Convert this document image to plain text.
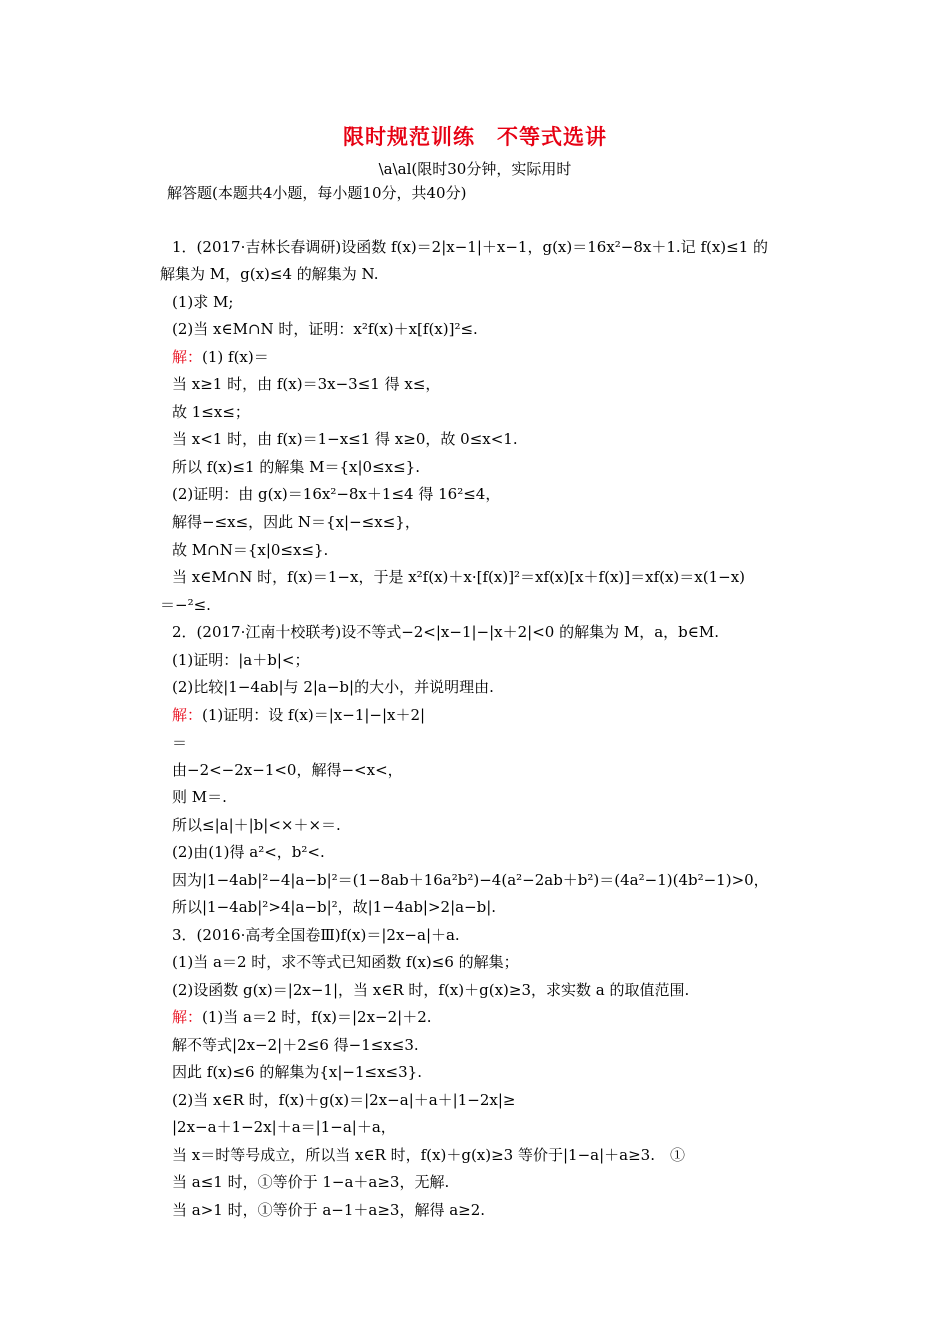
限时规范训练　不等式选讲
\a\al(限时30分钟，实际用时
解答题(本题共4小题，每小题10分，共40分)
1．(2017·吉林长春调研)设函数 f(x)＝2|x−1|＋x−1，g(x)＝16x²−8x＋1.记 f(x)≤1 的
解集为 M，g(x)≤4 的解集为 N.
(1)求 M;
(2)当 x∈M∩N 时，证明：x²f(x)＋x[f(x)]²≤.
解：(1) f(x)＝
当 x≥1 时，由 f(x)＝3x−3≤1 得 x≤，
故 1≤x≤；
当 x<1 时，由 f(x)＝1−x≤1 得 x≥0，故 0≤x<1.
所以 f(x)≤1 的解集 M＝{x|0≤x≤}.
(2)证明：由 g(x)＝16x²−8x＋1≤4 得 16²≤4，
解得−≤x≤，因此 N＝{x|−≤x≤}，
故 M∩N＝{x|0≤x≤}.
当 x∈M∩N 时，f(x)＝1−x，于是 x²f(x)＋x·[f(x)]²＝xf(x)[x＋f(x)]＝xf(x)＝x(1−x)
＝−²≤.
2．(2017·江南十校联考)设不等式−2<|x−1|−|x＋2|<0 的解集为 M，a，b∈M.
(1)证明：|a＋b|<；
(2)比较|1−4ab|与 2|a−b|的大小，并说明理由.
解：(1)证明：设 f(x)＝|x−1|−|x＋2|
＝
由−2<−2x−1<0，解得−<x<，
则 M＝.
所以≤|a|＋|b|<×＋×＝.
(2)由(1)得 a²<，b²<.
因为|1−4ab|²−4|a−b|²＝(1−8ab＋16a²b²)−4(a²−2ab＋b²)＝(4a²−1)(4b²−1)>0，
所以|1−4ab|²>4|a−b|²，故|1−4ab|>2|a−b|.
3．(2016·高考全国卷Ⅲ)f(x)＝|2x−a|＋a.
(1)当 a＝2 时，求不等式已知函数 f(x)≤6 的解集；
(2)设函数 g(x)＝|2x−1|，当 x∈R 时，f(x)＋g(x)≥3，求实数 a 的取值范围.
解：(1)当 a＝2 时，f(x)＝|2x−2|＋2.
解不等式|2x−2|＋2≤6 得−1≤x≤3.
因此 f(x)≤6 的解集为{x|−1≤x≤3}.
(2)当 x∈R 时，f(x)＋g(x)＝|2x−a|＋a＋|1−2x|≥
|2x−a＋1−2x|＋a＝|1−a|＋a，
当 x＝时等号成立，所以当 x∈R 时，f(x)＋g(x)≥3 等价于|1−a|＋a≥3.　①
当 a≤1 时，①等价于 1−a＋a≥3，无解.
当 a>1 时，①等价于 a−1＋a≥3，解得 a≥2.
